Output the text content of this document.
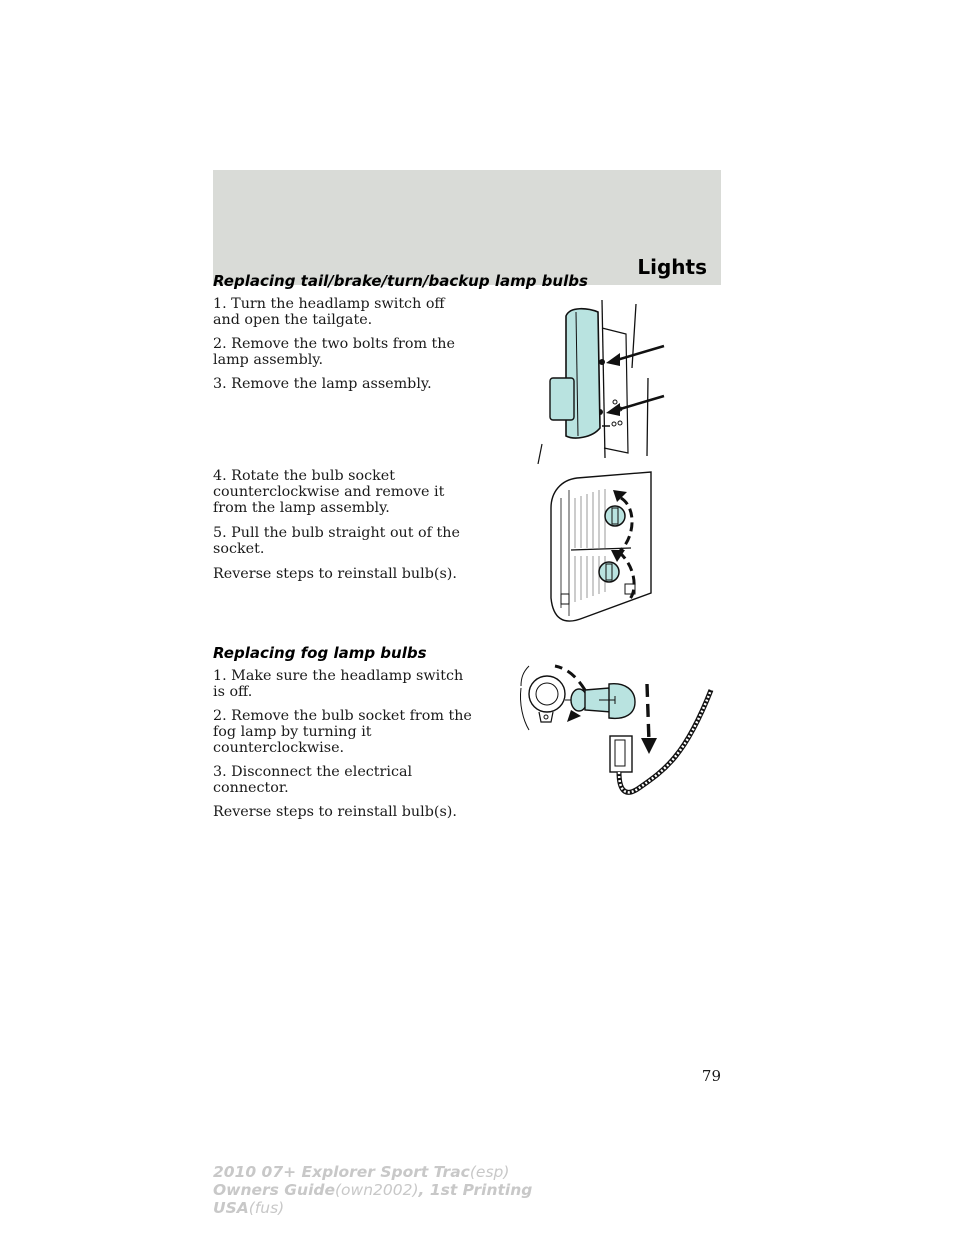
Lights
Replacing tail/brake/turn/backup lamp bulbs

1. Turn the headlamp switch off and open the tailgate.

2. Remove the two bolts from the lamp assembly.

3. Remove the lamp assembly.

4. Rotate the bulb socket counterclockwise and remove it from the lamp assembly.

5. Pull the bulb straight out of the socket.

Reverse steps to reinstall bulb(s).

Replacing fog lamp bulbs

1. Make sure the headlamp switch is off.

2. Remove the bulb socket from the fog lamp by turning it counterclockwise.

3. Disconnect the electrical connector.

Reverse steps to reinstall bulb(s).

79
2010 07+ Explorer Sport Trac(esp)
Owners Guide(own2002), 1st Printing
USA(fus)
